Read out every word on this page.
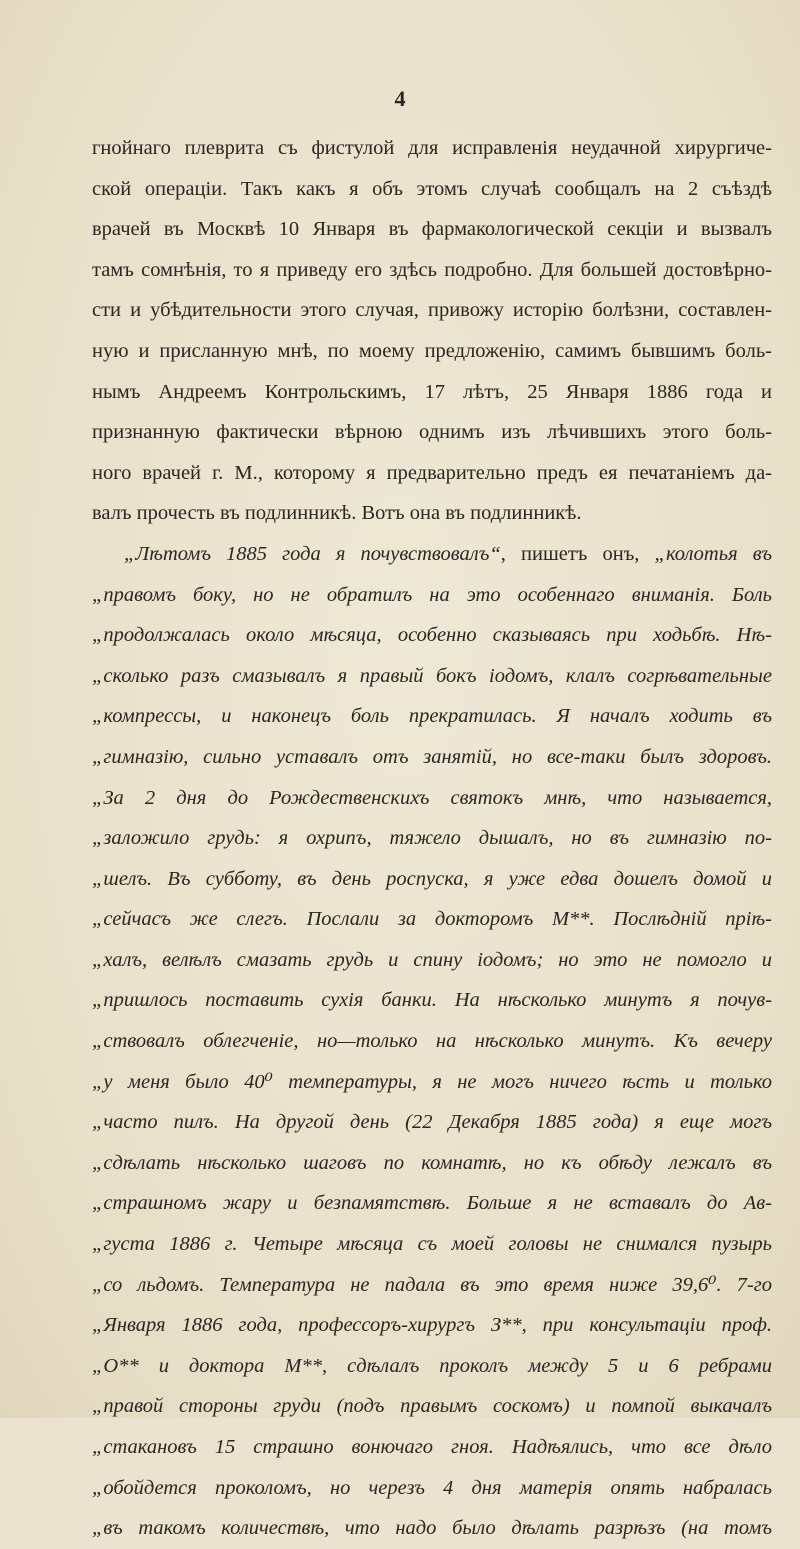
4
гнойнаго плеврита съ фистулой для исправленія неудачной хирургиче-
ской операціи. Такъ какъ я объ этомъ случаѣ сообщалъ на 2 съѣздѣ
врачей въ Москвѣ 10 Января въ фармакологической секціи и вызвалъ
тамъ сомнѣнія, то я приведу его здѣсь подробно. Для большей достовѣрно-
сти и убѣдительности этого случая, привожу исторію болѣзни, составлен-
ную и присланную мнѣ, по моему предложенію, самимъ бывшимъ боль-
нымъ Андреемъ Контрольскимъ, 17 лѣтъ, 25 Января 1886 года и
признанную фактически вѣрною однимъ изъ лѣчившихъ этого боль-
ного врачей г. М., которому я предварительно предъ ея печатаніемъ да-
валъ прочесть въ подлинникѣ. Вотъ она въ подлинникѣ.
„Лѣтомъ 1885 года я почувствовалъ“, пишетъ онъ, „колотья въ
„правомъ боку, но не обратилъ на это особеннаго вниманія. Боль
„продолжалась около мѣсяца, особенно сказываясь при ходьбѣ. Нѣ-
„сколько разъ смазывалъ я правый бокъ іодомъ, клалъ согрѣвательные
„компрессы, и наконецъ боль прекратилась. Я началъ ходить въ
„гимназію, сильно уставалъ отъ занятій, но все-таки былъ здоровъ.
„За 2 дня до Рождественскихъ святокъ мнѣ, что называется,
„заложило грудь: я охрипъ, тяжело дышалъ, но въ гимназію по-
„шелъ. Въ субботу, въ день роспуска, я уже едва дошелъ домой и
„сейчасъ же слегъ. Послали за докторомъ М**. Послѣдній пріѣ-
„халъ, велѣлъ смазать грудь и спину іодомъ; но это не помогло и
„пришлось поставить сухія банки. На нѣсколько минутъ я почув-
„ствовалъ облегченіе, но—только на нѣсколько минутъ. Къ вечеру
„у меня было 40⁰ температуры, я не могъ ничего ѣсть и только
„часто пилъ. На другой день (22 Декабря 1885 года) я еще могъ
„сдѣлать нѣсколько шаговъ по комнатѣ, но къ обѣду лежалъ въ
„страшномъ жару и безпамятствѣ. Больше я не вставалъ до Ав-
„густа 1886 г. Четыре мѣсяца съ моей головы не снимался пузырь
„со льдомъ. Температура не падала въ это время ниже 39,6⁰. 7-го
„Января 1886 года, профессоръ-хирургъ З**, при консультаціи проф.
„О** и доктора М**, сдѣлалъ проколъ между 5 и 6 ребрами
„правой стороны груди (подъ правымъ соскомъ) и помпой выкачалъ
„стакановъ 15 страшно вонючаго гноя. Надѣялись, что все дѣло
„обойдется проколомъ, но черезъ 4 дня матерія опять набралась
„въ такомъ количествѣ, что надо было дѣлать разрѣзъ (на томъ
